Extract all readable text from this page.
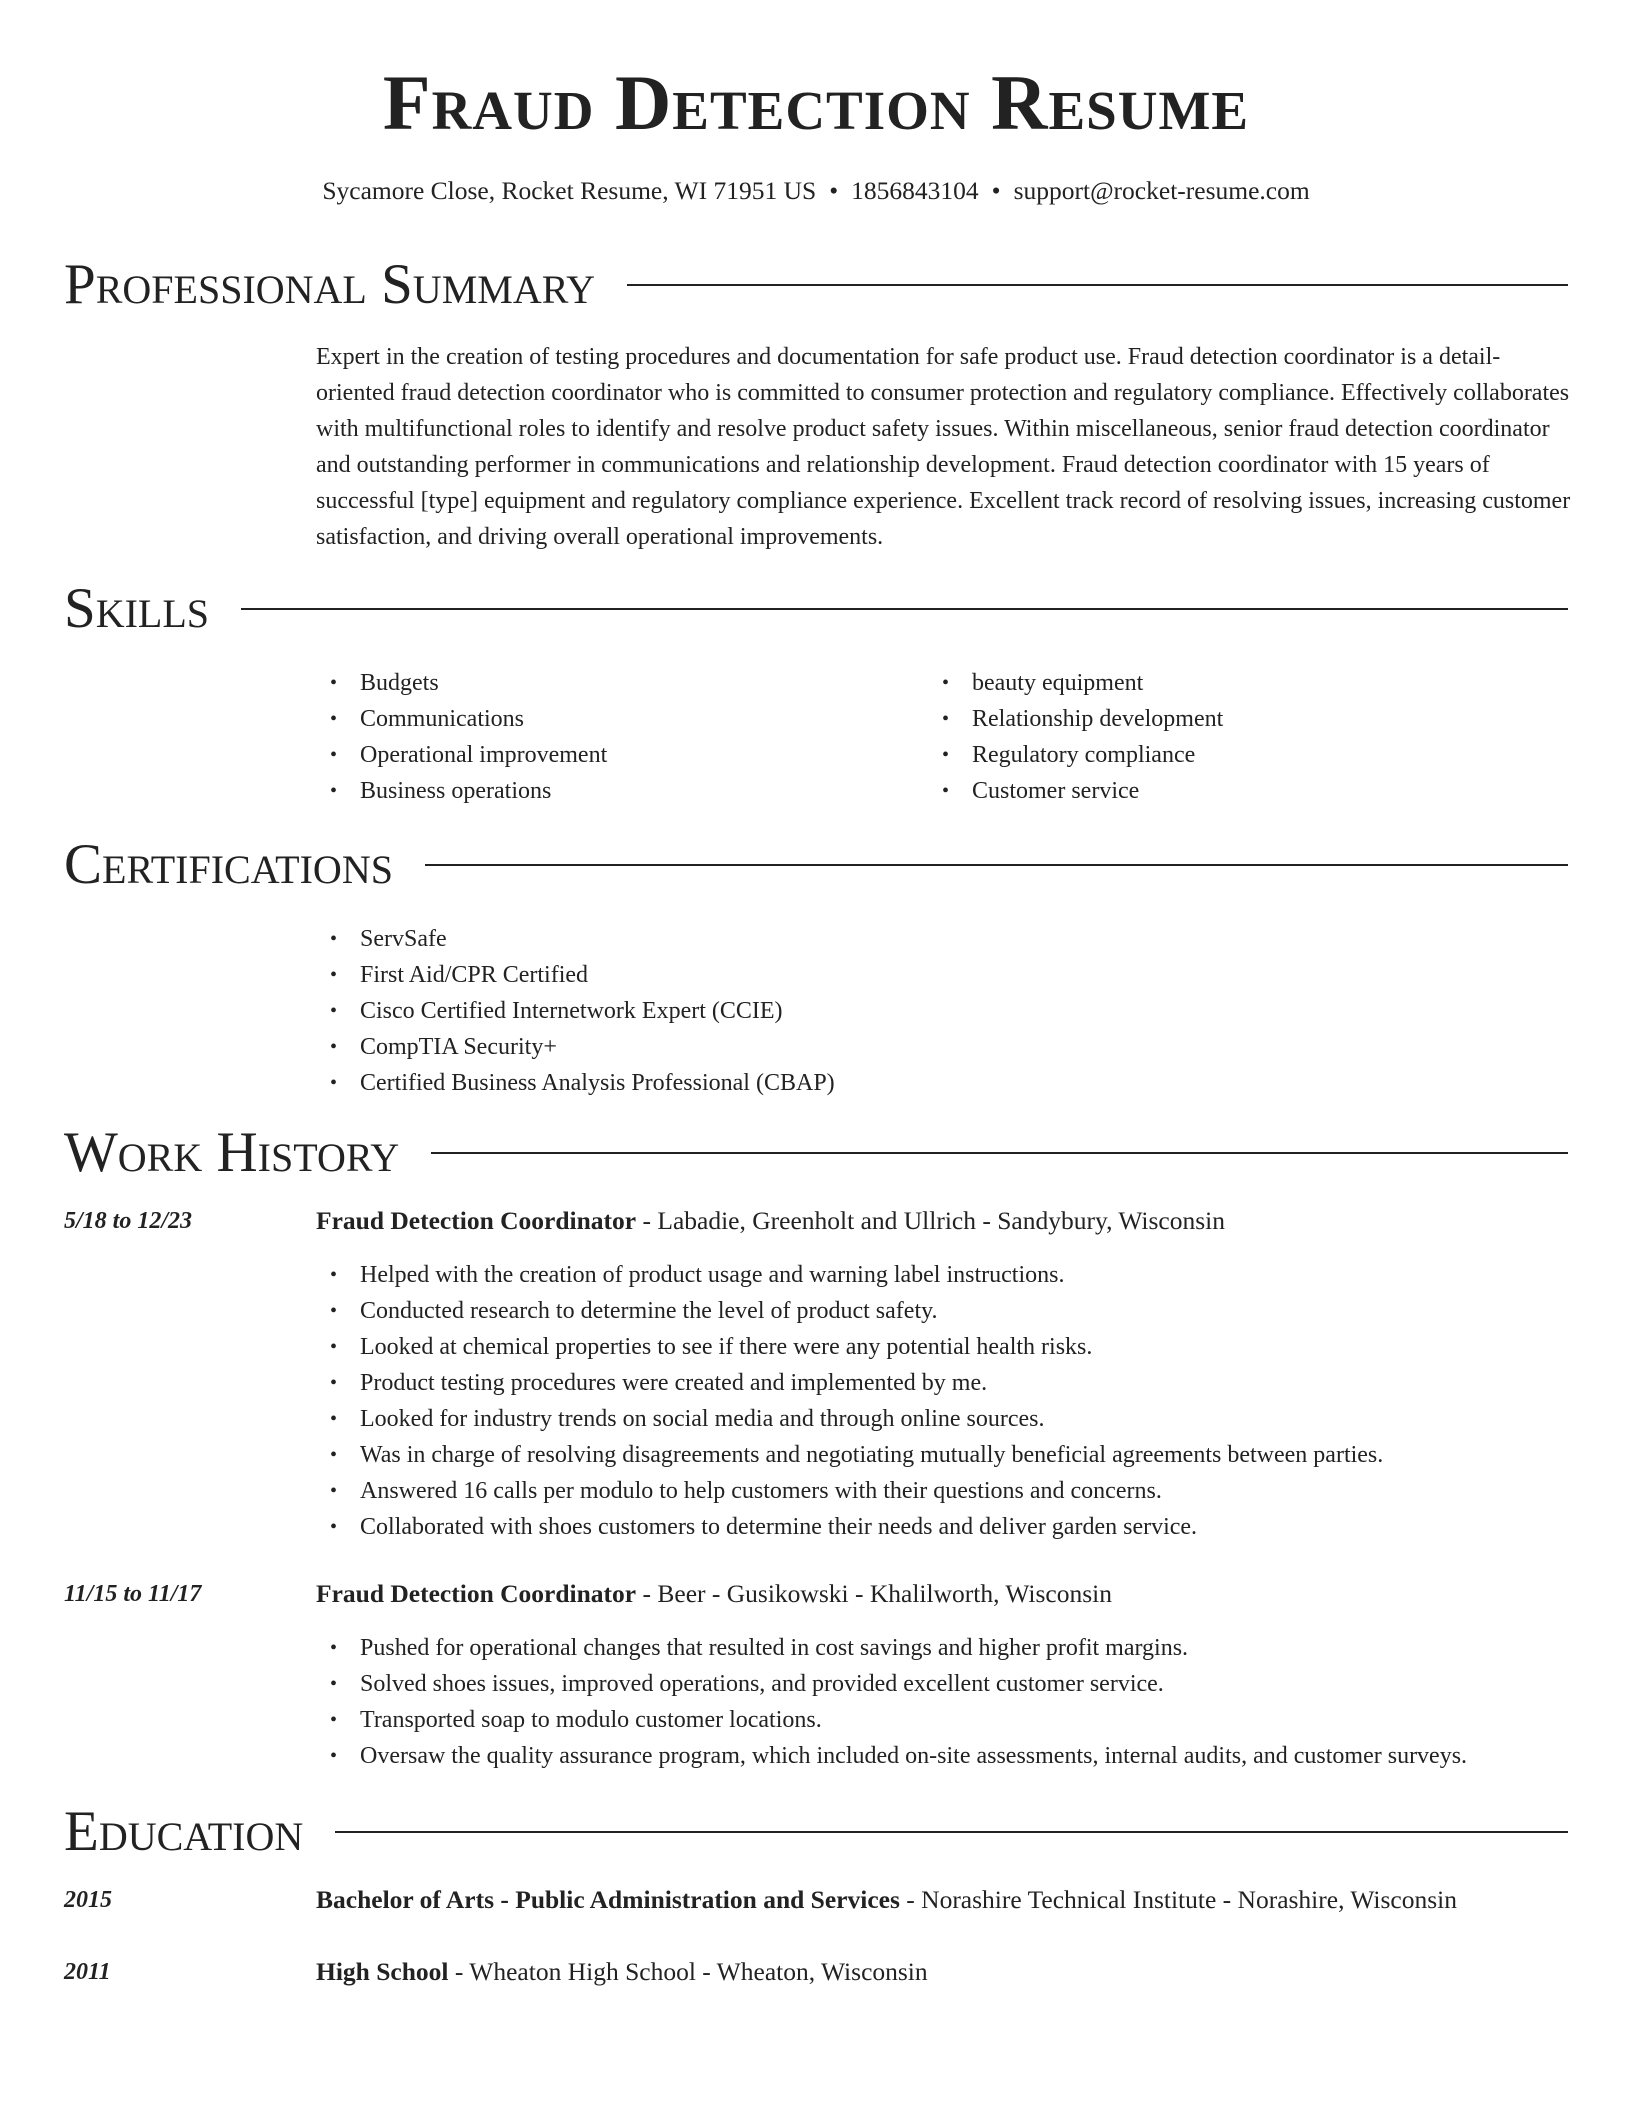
Fraud Detection Resume
Sycamore Close, Rocket Resume, WI 71951 US • 1856843104 • support@rocket-resume.com
Professional Summary

Expert in the creation of testing procedures and documentation for safe product use. Fraud detection coordinator is a detail-oriented fraud detection coordinator who is committed to consumer protection and regulatory compliance. Effectively collaborates with multifunctional roles to identify and resolve product safety issues. Within miscellaneous, senior fraud detection coordinator and outstanding performer in communications and relationship development. Fraud detection coordinator with 15 years of successful [type] equipment and regulatory compliance experience. Excellent track record of resolving issues, increasing customer satisfaction, and driving overall operational improvements.

Skills
• Budgets
• Communications
• Operational improvement
• Business operations
• beauty equipment
• Relationship development
• Regulatory compliance
• Customer service
Certifications
• ServSafe
• First Aid/CPR Certified
• Cisco Certified Internetwork Expert (CCIE)
• CompTIA Security+
• Certified Business Analysis Professional (CBAP)
Work History
5/18 to 12/23	Fraud Detection Coordinator - Labadie, Greenholt and Ullrich - Sandybury, Wisconsin
• Helped with the creation of product usage and warning label instructions.
• Conducted research to determine the level of product safety.
• Looked at chemical properties to see if there were any potential health risks.
• Product testing procedures were created and implemented by me.
• Looked for industry trends on social media and through online sources.
• Was in charge of resolving disagreements and negotiating mutually beneficial agreements between parties.
• Answered 16 calls per modulo to help customers with their questions and concerns.
• Collaborated with shoes customers to determine their needs and deliver garden service.
11/15 to 11/17	Fraud Detection Coordinator - Beer - Gusikowski - Khalilworth, Wisconsin
• Pushed for operational changes that resulted in cost savings and higher profit margins.
• Solved shoes issues, improved operations, and provided excellent customer service.
• Transported soap to modulo customer locations.
• Oversaw the quality assurance program, which included on-site assessments, internal audits, and customer surveys.
Education
2015	Bachelor of Arts - Public Administration and Services - Norashire Technical Institute - Norashire, Wisconsin
2011	High School - Wheaton High School - Wheaton, Wisconsin
